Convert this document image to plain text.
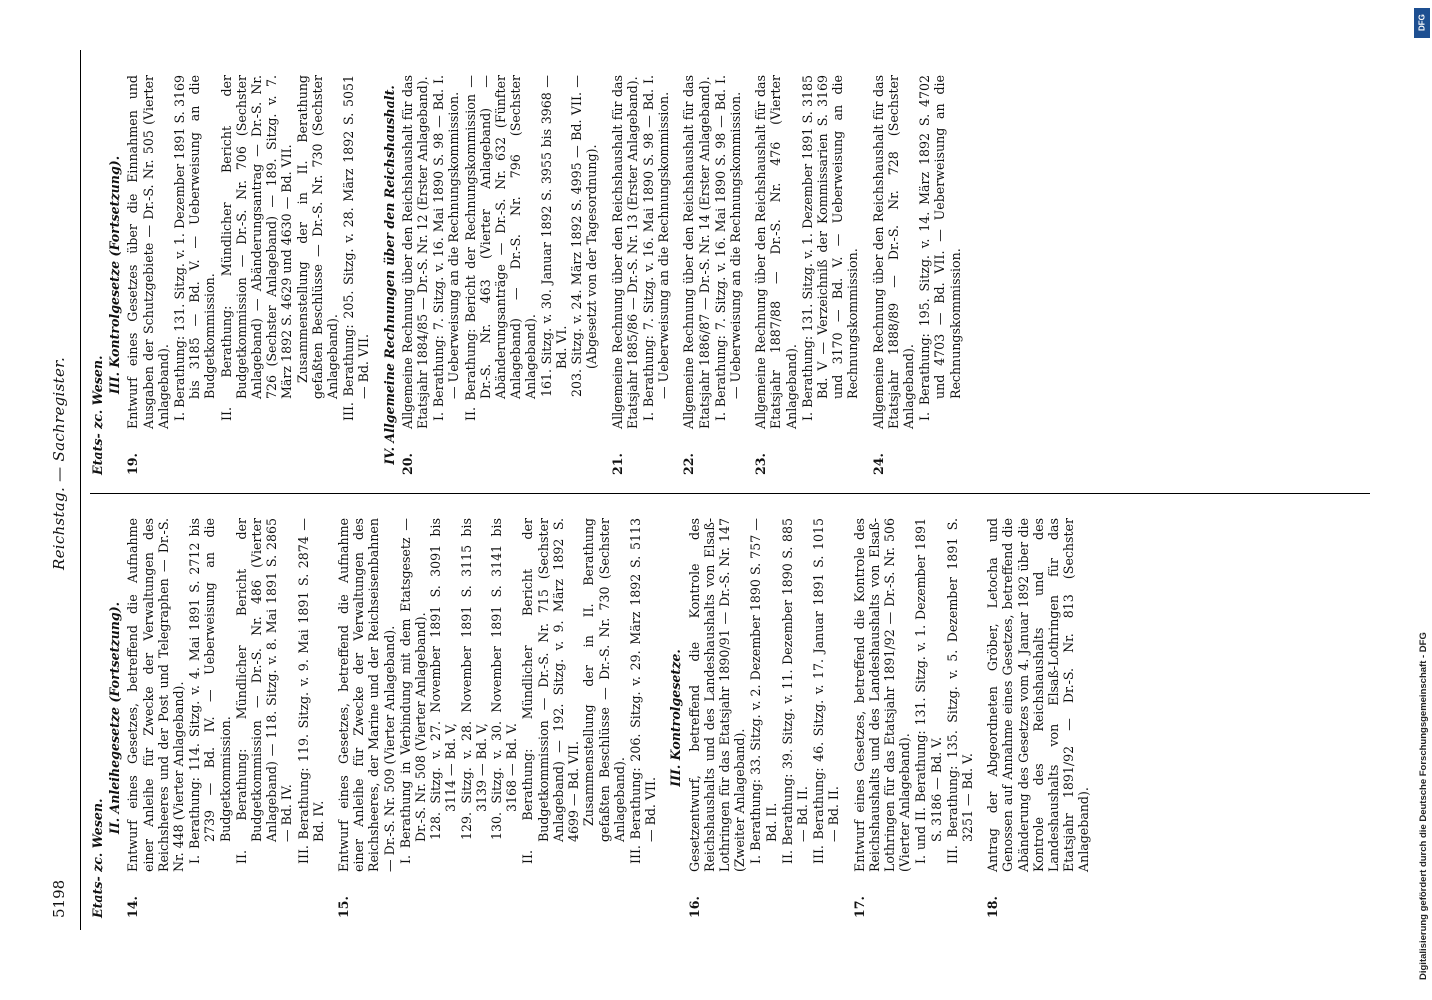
5198
Reichstag. — Sachregister.
Etats- zc. Wesen.
II. Anleihegesetze (Fortsetzung).
14.
Entwurf eines Gesetzes, betreffend die Aufnahme einer Anleihe für Zwecke der Verwaltungen des Reichsheeres und der Post und Telegraphen — Dr.-S. Nr. 448 (Vierter Anlageband). I. Berathung: 114. Sitzg. v. 4. Mai 1891 S. 2712 bis 2739 — Bd. IV. — Ueberweisung an die Budgetkommission. II. Berathung: Mündlicher Bericht der Budgetkommission — Dr.-S. Nr. 486 (Vierter Anlageband) — 118. Sitzg. v. 8. Mai 1891 S. 2865 — Bd. IV. III. Berathung: 119. Sitzg. v. 9. Mai 1891 S. 2874 — Bd. IV.
15.
Entwurf eines Gesetzes, betreffend die Aufnahme einer Anleihe für Zwecke der Verwaltungen des Reichsheeres, der Marine und der Reichseisenbahnen — Dr.-S. Nr. 509 (Vierter Anlageband). I. Berathung in Verbindung mit dem Etatsgesetz — Dr.-S. Nr. 508 (Vierter Anlageband). 128. Sitzg. v. 27. November 1891 S. 3091 bis 3114 — Bd. V, 129. Sitzg. v. 28. November 1891 S. 3115 bis 3139 — Bd. V, 130. Sitzg. v. 30. November 1891 S. 3141 bis 3168 — Bd. V. II. Berathung: Mündlicher Bericht der Budgetkommission — Dr.-S. Nr. 715 (Sechster Anlageband) — 192. Sitzg. v. 9. März 1892 S. 4699 — Bd. VII. Zusammenstellung der in II. Berathung gefaßten Beschlüsse — Dr.-S. Nr. 730 (Sechster Anlageband). III. Berathung: 206. Sitzg. v. 29. März 1892 S. 5113 — Bd. VII.
III. Kontrolgesetze.
16.
Gesetzentwurf, betreffend die Kontrole des Reichshaushalts und des Landeshaushalts von Elsaß-Lothringen für das Etatsjahr 1890/91 — Dr.-S. Nr. 147 (Zweiter Anlageband). I. Berathung: 33. Sitzg. v. 2. Dezember 1890 S. 757 — Bd. II. II. Berathung: 39. Sitzg. v. 11. Dezember 1890 S. 885 — Bd. II. III. Berathung: 46. Sitzg. v. 17. Januar 1891 S. 1015 — Bd. II.
17.
Entwurf eines Gesetzes, betreffend die Kontrole des Reichshaushalts und des Landeshaushalts von Elsaß-Lothringen für das Etatsjahr 1891/92 — Dr.-S. Nr. 506 (Vierter Anlageband). I. und II. Berathung: 131. Sitzg. v. 1. Dezember 1891 S. 3186 — Bd. V. III. Berathung: 135. Sitzg. v. 5. Dezember 1891 S. 3251 — Bd. V.
18.
Antrag der Abgeordneten Gröber, Letocha und Genossen auf Annahme eines Gesetzes, betreffend die Abänderung des Gesetzes vom 4. Januar 1892 über die Kontrole des Reichshaushalts und des Landeshaushalts von Elsaß-Lothringen für das Etatsjahr 1891/92 — Dr.-S. Nr. 813 (Sechster Anlageband).
Etats- zc. Wesen.
III. Kontrolgesetze (Fortsetzung).
19.
Entwurf eines Gesetzes über die Einnahmen und Ausgaben der Schutzgebiete — Dr.-S. Nr. 505 (Vierter Anlageband). I. Berathung: 131. Sitzg. v. 1. Dezember 1891 S. 3169 bis 3185 — Bd. V. — Ueberweisung an die Budgetkommission. II. Berathung: Mündlicher Bericht der Budgetkommission — Dr.-S. Nr. 706 (Sechster Anlageband) — Abänderungsantrag — Dr.-S. Nr. 726 (Sechster Anlageband) — 189. Sitzg. v. 7. März 1892 S. 4629 und 4630 — Bd. VII. Zusammenstellung der in II. Berathung gefaßten Beschlüsse — Dr.-S. Nr. 730 (Sechster Anlageband). III. Berathung: 205. Sitzg. v. 28. März 1892 S. 5051 — Bd. VII. IV. Allgemeine Rechnungen über den Reichshaushalt. 20.
Allgemeine Rechnung über den Reichshaushalt für das Etatsjahr 1884/85 — Dr.-S. Nr. 12 (Erster Anlageband). I. Berathung: 7. Sitzg. v. 16. Mai 1890 S. 98 — Bd. I. — Ueberweisung an die Rechnungskommission. II. Berathung: Bericht der Rechnungskommission — Dr.-S. Nr. 463 (Vierter Anlageband) — Abänderungsanträge — Dr.-S. Nr. 632 (Fünfter Anlageband) — Dr.-S. Nr. 796 (Sechster Anlageband). 161. Sitzg. v. 30. Januar 1892 S. 3955 bis 3968 — Bd. VI. 203. Sitzg. v. 24. März 1892 S. 4995 — Bd. VII. — (Abgesetzt von der Tagesordnung).
21.
Allgemeine Rechnung über den Reichshaushalt für das Etatsjahr 1885/86 — Dr.-S. Nr. 13 (Erster Anlageband). I. Berathung: 7. Sitzg. v. 16. Mai 1890 S. 98 — Bd. I. — Ueberweisung an die Rechnungskommission.
22.
Allgemeine Rechnung über den Reichshaushalt für das Etatsjahr 1886/87 — Dr.-S. Nr. 14 (Erster Anlageband). I. Berathung: 7. Sitzg. v. 16. Mai 1890 S. 98 — Bd. I. — Ueberweisung an die Rechnungskommission.
23.
Allgemeine Rechnung über den Reichshaushalt für das Etatsjahr 1887/88 — Dr.-S. Nr. 476 (Vierter Anlageband). I. Berathung: 131. Sitzg. v. 1. Dezember 1891 S. 3185 Bd. V — Verzeichniß der Kommissarien S. 3169 und 3170 — Bd. V. — Ueberweisung an die Rechnungskommission.
24.
Allgemeine Rechnung über den Reichshaushalt für das Etatsjahr 1888/89 — Dr.-S. Nr. 728 (Sechster Anlageband). I. Berathung: 195. Sitzg. v. 14. März 1892 S. 4702 und 4703 — Bd. VII. — Ueberweisung an die Rechnungskommission.
DFG
Digitalisierung gefördert durch die Deutsche Forschungsgemeinschaft - DFG
